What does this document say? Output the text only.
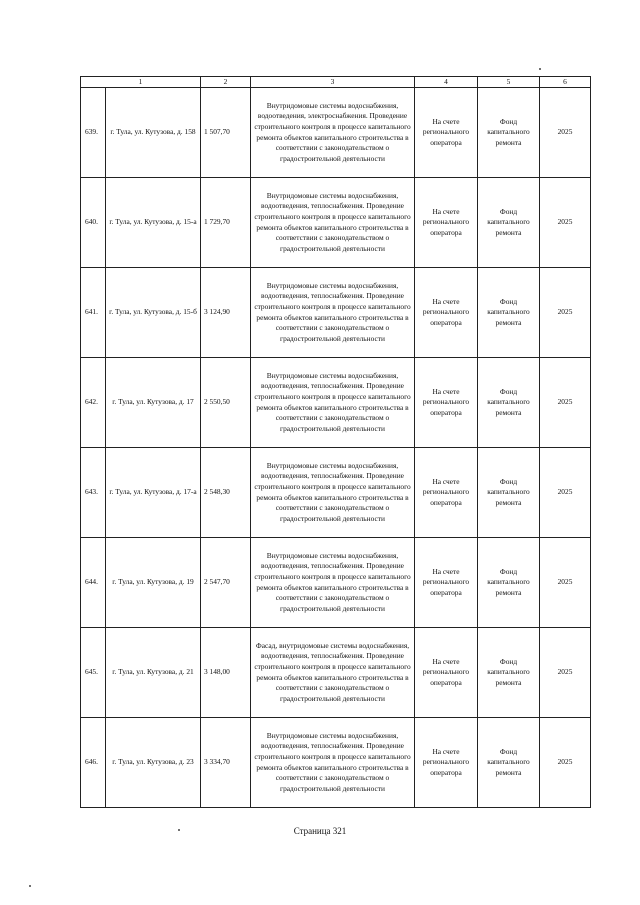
1		2	3	4	5	6
639.	г. Тула, ул. Кутузова, д. 158	1 507,70	Внутридомовые системы водоснабжения, водоотведения, электроснабжения. Проведение строительного контроля в процессе капитального ремонта объектов капитального строительства в соответствии с законодательством о градостроительной деятельности	На счете регионального оператора	Фонд капитального ремонта	2025
640.	г. Тула, ул. Кутузова, д. 15-а	1 729,70	Внутридомовые системы водоснабжения, водоотведения, теплоснабжения. Проведение строительного контроля в процессе капитального ремонта объектов капитального строительства в соответствии с законодательством о градостроительной деятельности	На счете регионального оператора	Фонд капитального ремонта	2025
641.	г. Тула, ул. Кутузова, д. 15-б	3 124,90	Внутридомовые системы водоснабжения, водоотведения, теплоснабжения. Проведение строительного контроля в процессе капитального ремонта объектов капитального строительства в соответствии с законодательством о градостроительной деятельности	На счете регионального оператора	Фонд капитального ремонта	2025
642.	г. Тула, ул. Кутузова, д. 17	2 550,50	Внутридомовые системы водоснабжения, водоотведения, теплоснабжения. Проведение строительного контроля в процессе капитального ремонта объектов капитального строительства в соответствии с законодательством о градостроительной деятельности	На счете регионального оператора	Фонд капитального ремонта	2025
643.	г. Тула, ул. Кутузова, д. 17-а	2 548,30	Внутридомовые системы водоснабжения, водоотведения, теплоснабжения. Проведение строительного контроля в процессе капитального ремонта объектов капитального строительства в соответствии с законодательством о градостроительной деятельности	На счете регионального оператора	Фонд капитального ремонта	2025
644.	г. Тула, ул. Кутузова, д. 19	2 547,70	Внутридомовые системы водоснабжения, водоотведения, теплоснабжения. Проведение строительного контроля в процессе капитального ремонта объектов капитального строительства в соответствии с законодательством о градостроительной деятельности	На счете регионального оператора	Фонд капитального ремонта	2025
645.	г. Тула, ул. Кутузова, д. 21	3 148,00	Фасад, внутридомовые системы водоснабжения, водоотведения, теплоснабжения. Проведение строительного контроля в процессе капитального ремонта объектов капитального строительства в соответствии с законодательством о градостроительной деятельности	На счете регионального оператора	Фонд капитального ремонта	2025
646.	г. Тула, ул. Кутузова, д. 23	3 334,70	Внутридомовые системы водоснабжения, водоотведения, теплоснабжения. Проведение строительного контроля в процессе капитального ремонта объектов капитального строительства в соответствии с законодательством о градостроительной деятельности	На счете регионального оператора	Фонд капитального ремонта	2025
Страница 321
